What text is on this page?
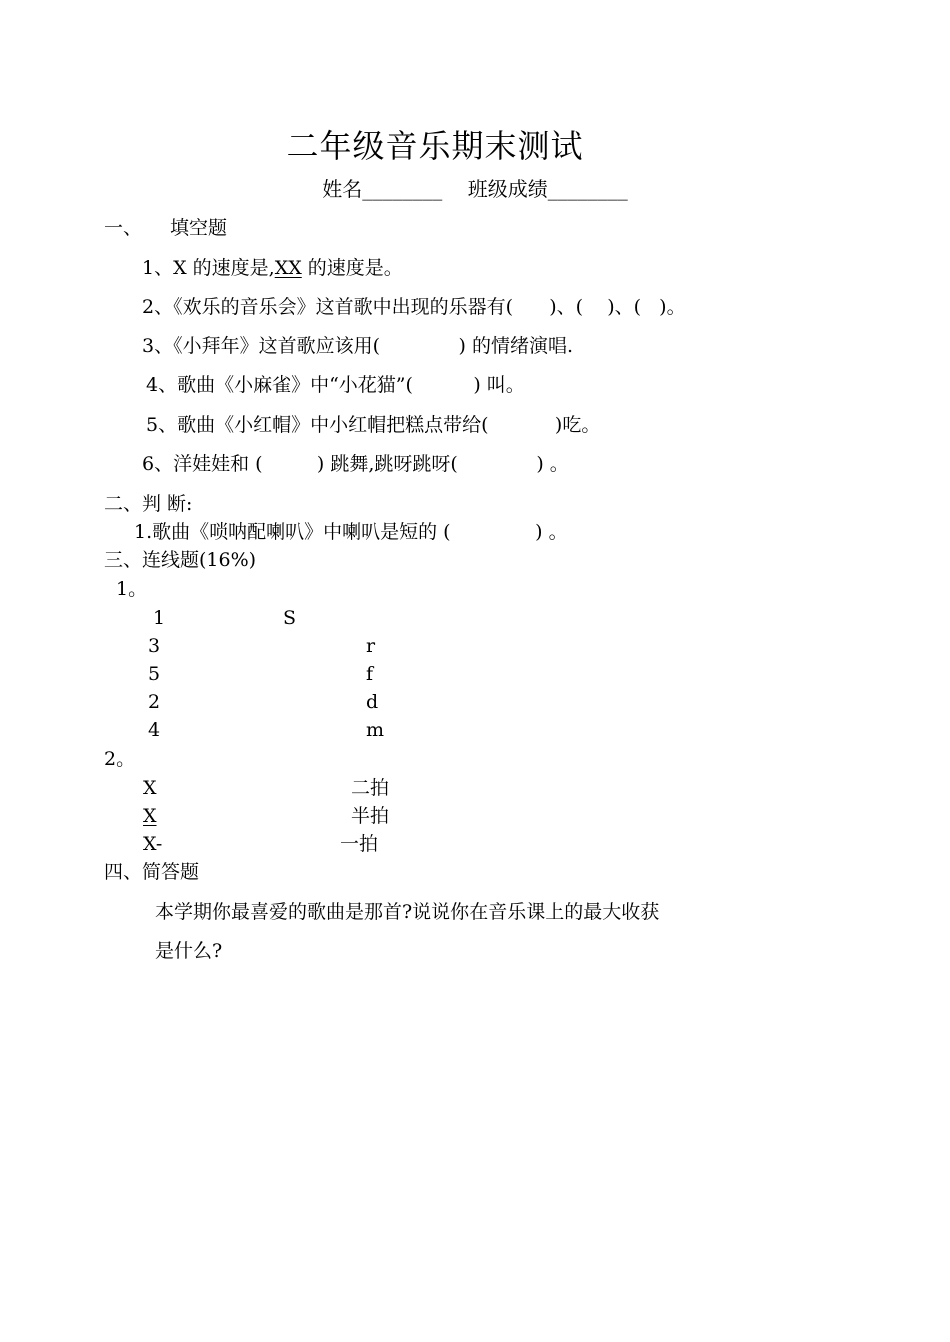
二年级音乐期末测试
姓名________ 班级成绩________
一、 填空题
1、X 的速度是,XX 的速度是。
2、《欢乐的音乐会》这首歌中出现的乐器有(      )、(    )、(   )。
3、《小拜年》这首歌应该用(             ) 的情绪演唱.
4、歌曲《小麻雀》中“小花猫”(          ) 叫。
5、歌曲《小红帽》中小红帽把糕点带给(           )吃。
6、洋娃娃和 (         ) 跳舞,跳呀跳呀(             ) 。
二、判 断:
1.歌曲《唢呐配喇叭》中喇叭是短的 (              ) 。
三、连线题(16%)
1。
1
3
5
2
4
S
r
f
d
m
2。
X
X
X-
二拍
半拍
一拍
四、简答题
本学期你最喜爱的歌曲是那首?说说你在音乐课上的最大收获
是什么?
